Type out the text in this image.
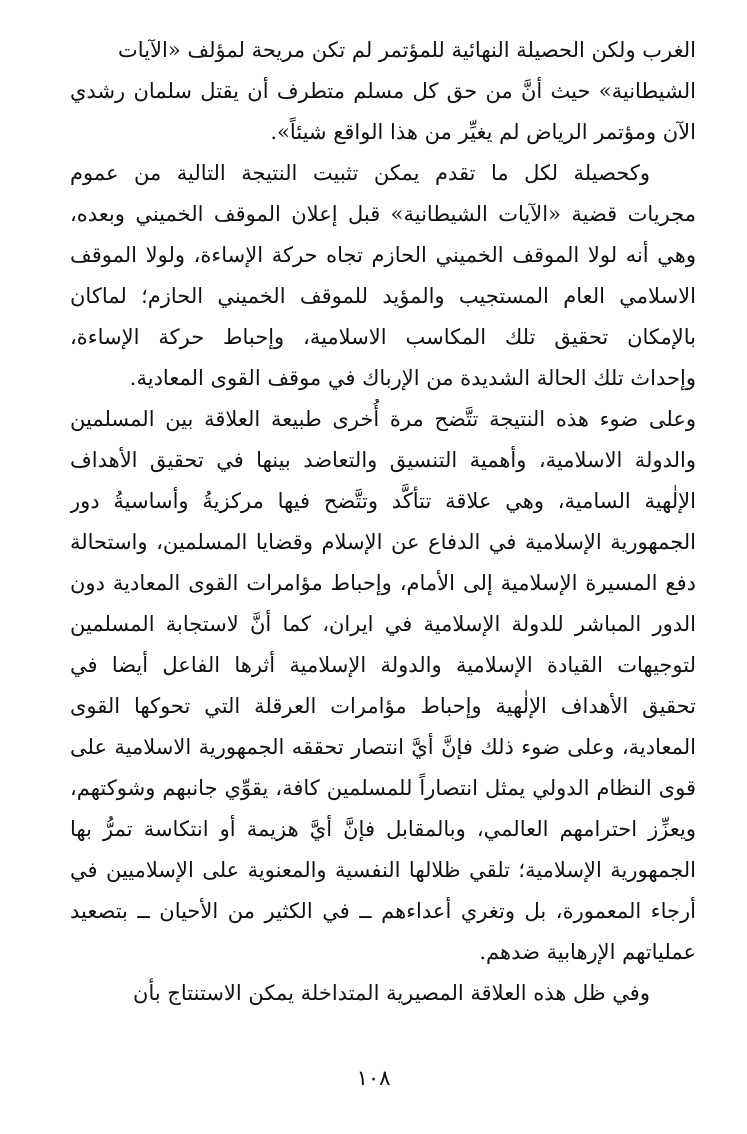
الغرب ولكن الحصيلة النهائية للمؤتمر لم تكن مريحة لمؤلف «الآيات
الشيطانية» حيث أنَّ من حق كل مسلم متطرف أن يقتل سلمان رشدي
الآن ومؤتمر الرياض لم يغيِّر من هذا الواقع شيئاً».
وكحصيلة لكل ما تقدم يمكن تثبيت النتيجة التالية من عموم
مجريات قضية «الآيات الشيطانية» قبل إعلان الموقف الخميني وبعده،
وهي أنه لولا الموقف الخميني الحازم تجاه حركة الإساءة، ولولا الموقف
الاسلامي العام المستجيب والمؤيد للموقف الخميني الحازم؛ لماكان
بالإمكان تحقيق تلك المكاسب الاسلامية، وإحباط حركة الإساءة،
وإحداث تلك الحالة الشديدة من الإرباك في موقف القوى المعادية.
وعلى ضوء هذه النتيجة تتَّضح مرة أُخرى طبيعة العلاقة بين المسلمين
والدولة الاسلامية، وأهمية التنسيق والتعاضد بينها في تحقيق الأهداف
الإلٰهية السامية، وهي علاقة تتأكَّد وتتَّضح فيها مركزيةُ وأساسيةُ دور
الجمهورية الإسلامية في الدفاع عن الإسلام وقضايا المسلمين، واستحالة
دفع المسيرة الإسلامية إلى الأمام، وإحباط مؤامرات القوى المعادية دون
الدور المباشر للدولة الإسلامية في ايران، كما أنَّ لاستجابة المسلمين
لتوجيهات القيادة الإسلامية والدولة الإسلامية أثرها الفاعل أيضا في
تحقيق الأهداف الإلٰهية وإحباط مؤامرات العرقلة التي تحوكها القوى
المعادية، وعلى ضوء ذلك فإنَّ أيَّ انتصار تحققه الجمهورية الاسلامية على
قوى النظام الدولي يمثل انتصاراً للمسلمين كافة، يقوِّي جانبهم وشوكتهم،
ويعزِّز احترامهم العالمي، وبالمقابل فإنَّ أيَّ هزيمة أو انتكاسة تمرُّ بها
الجمهورية الإسلامية؛ تلقي ظلالها النفسية والمعنوية على الإسلاميين في
أرجاء المعمورة، بل وتغري أعداءهم ــ في الكثير من الأحيان ــ بتصعيد
عملياتهم الإرهابية ضدهم.
وفي ظل هذه العلاقة المصيرية المتداخلة يمكن الاستنتاج بأن
١٠٨
